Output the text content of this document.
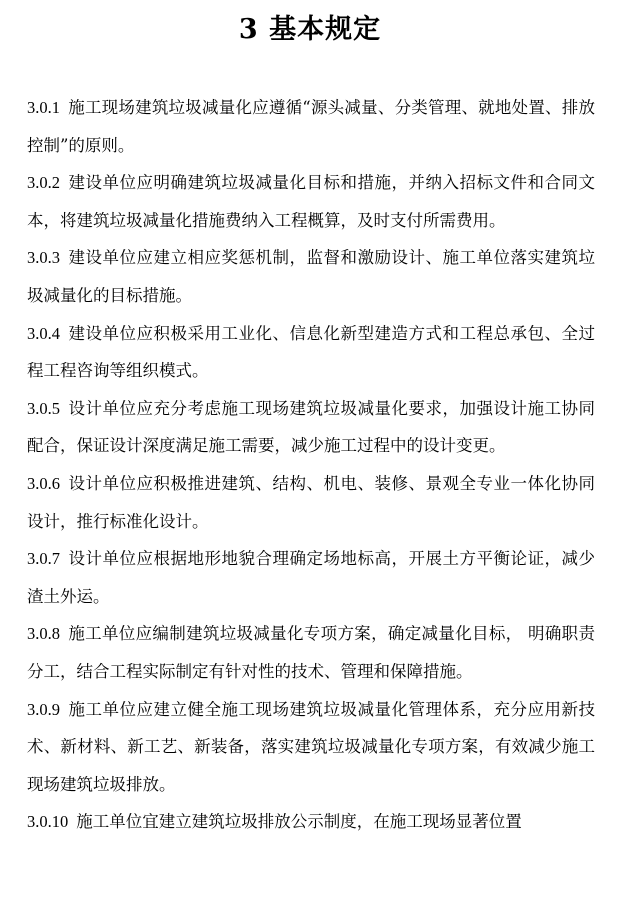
3 基本规定

3.0.1 施工现场建筑垃圾减量化应遵循“源头减量、分类管理、就地处置、排放控制”的原则。

3.0.2 建设单位应明确建筑垃圾减量化目标和措施，并纳入招标文件和合同文本，将建筑垃圾减量化措施费纳入工程概算，及时支付所需费用。

3.0.3 建设单位应建立相应奖惩机制，监督和激励设计、施工单位落实建筑垃圾减量化的目标措施。

3.0.4 建设单位应积极采用工业化、信息化新型建造方式和工程总承包、全过程工程咨询等组织模式。

3.0.5 设计单位应充分考虑施工现场建筑垃圾减量化要求，加强设计施工协同配合，保证设计深度满足施工需要，减少施工过程中的设计变更。

3.0.6 设计单位应积极推进建筑、结构、机电、装修、景观全专业一体化协同设计，推行标准化设计。

3.0.7 设计单位应根据地形地貌合理确定场地标高，开展土方平衡论证，减少渣土外运。

3.0.8 施工单位应编制建筑垃圾减量化专项方案，确定减量化目标， 明确职责分工，结合工程实际制定有针对性的技术、管理和保障措施。

3.0.9 施工单位应建立健全施工现场建筑垃圾减量化管理体系，充分应用新技术、新材料、新工艺、新装备，落实建筑垃圾减量化专项方案，有效减少施工现场建筑垃圾排放。

3.0.10 施工单位宜建立建筑垃圾排放公示制度，在施工现场显著位置
